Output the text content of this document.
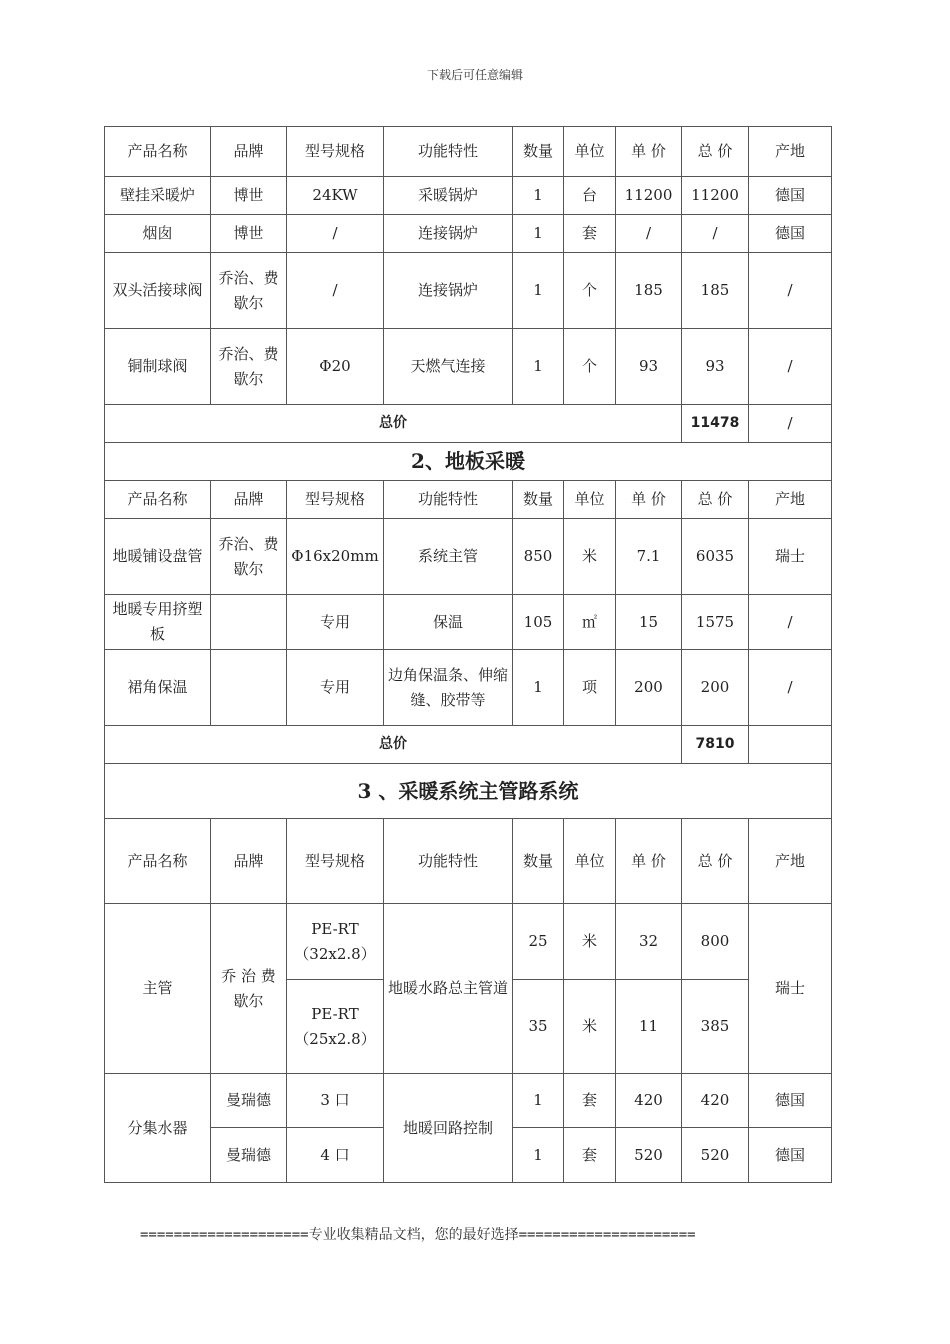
下载后可任意编辑
产品名称	品牌	型号规格	功能特性	数量	单位	单 价	总 价	产地
壁挂采暖炉	博世	24KW	采暖锅炉	1	台	11200	11200	德国
烟囱	博世	/	连接锅炉	1	套	/	/	德国
双头活接球阀	乔治、费歇尔	/	连接锅炉	1	个	185	185	/
铜制球阀	乔治、费歇尔	Φ20	天燃气连接	1	个	93	93	/
总价							11478	/
2、地板采暖								
产品名称	品牌	型号规格	功能特性	数量	单位	单 价	总 价	产地
地暖铺设盘管	乔治、费歇尔	Φ16x20mm	系统主管	850	米	7.1	6035	瑞士
地暖专用挤塑板		专用	保温	105	㎡	15	1575	/
裙角保温		专用	边角保温条、伸缩缝、胶带等	1	项	200	200	/
总价							7810	
3 、采暖系统主管路系统								
产品名称	品牌	型号规格	功能特性	数量	单位	单 价	总 价	产地
主管	乔 治 费 歇尔	PE-RT（32x2.8）	地暖水路总主管道	25	米	32	800	瑞士
		PE-RT（25x2.8）		35	米	11	385	
分集水器	曼瑞德	3 口	地暖回路控制	1	套	420	420	德国
	曼瑞德	4 口		1	套	520	520	德国
====================专业收集精品文档，您的最好选择=====================
